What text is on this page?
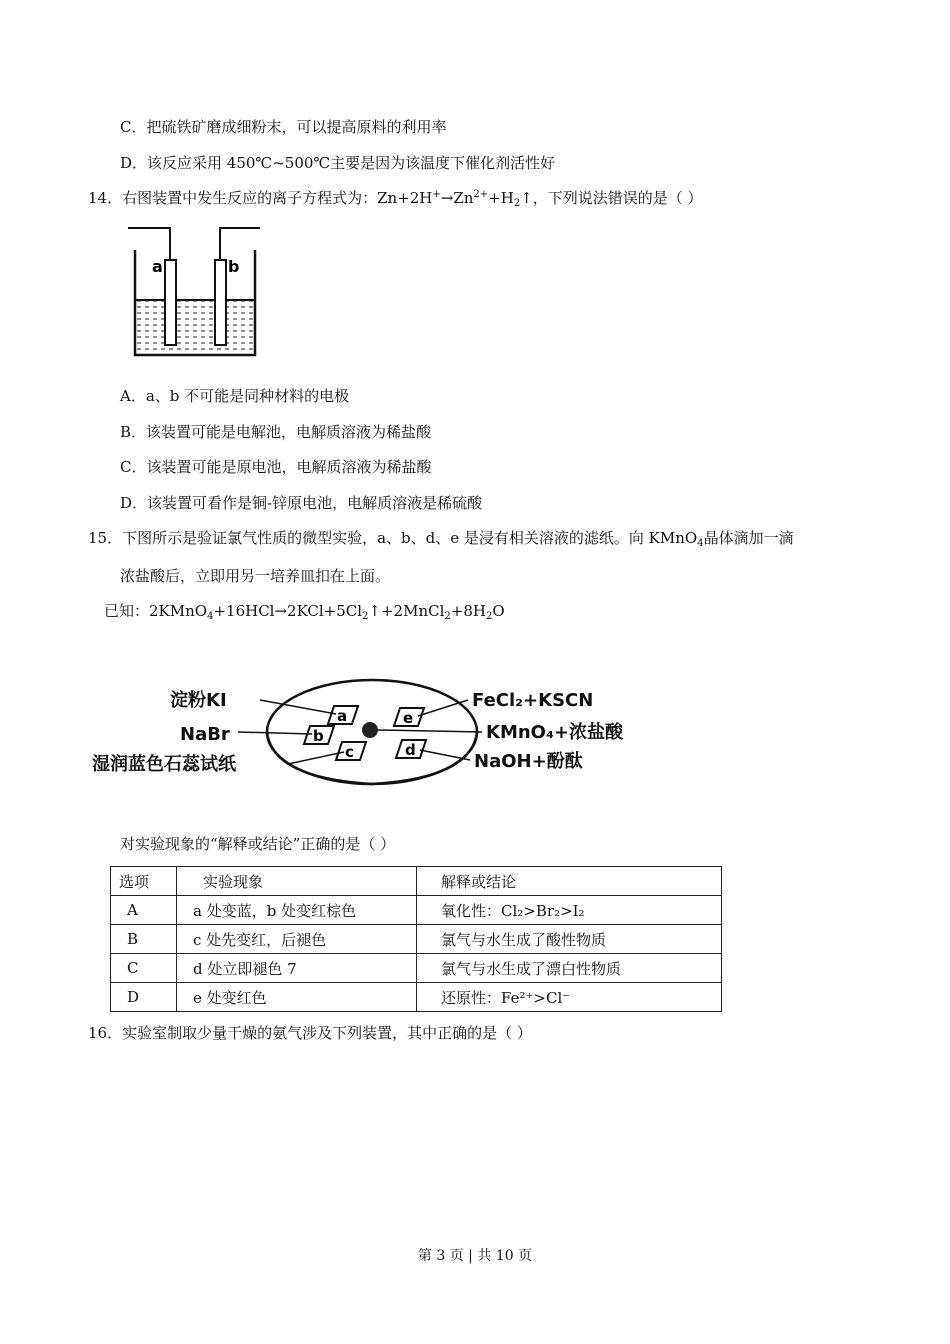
C．把硫铁矿磨成细粉末，可以提高原料的利用率
D．该反应采用 450℃~500℃主要是因为该温度下催化剂活性好
14．右图装置中发生反应的离子方程式为：$Zn+2H^+\to Zn^{2+}+H_2↑$，下列说法错误的是（ ）
a	b
A．a、b 不可能是同种材料的电极
B．该装置可能是电解池，电解质溶液为稀盐酸
C．该装置可能是原电池，电解质溶液为稀盐酸
D．该装置可看作是铜-锌原电池，电解质溶液是稀硫酸
15．下图所示是验证氯气性质的微型实验，a、b、d、e 是浸有相关溶液的滤纸。向 KMnO$_4$晶体滴加一滴
浓盐酸后，立即用另一培养皿扣在上面。
已知：$2KMnO_4+16HCl\to 2KCl+5Cl_2↑+2MnCl_2+8H_2O$
a
b
c
e
d
淀粉KI
NaBr
湿润蓝色石蕊试纸
FeCl₂+KSCN
KMnO₄+浓盐酸
NaOH+酚酞
对实验现象的“解释或结论”正确的是（ ）
选项	实验现象	解释或结论
A	a 处变蓝，b 处变红棕色	氧化性：Cl₂>Br₂>I₂
B	c 处先变红，后褪色	氯气与水生成了酸性物质
C	d 处立即褪色 7	氯气与水生成了漂白性物质
D	e 处变红色	还原性：Fe²⁺>Cl⁻
16．实验室制取少量干燥的氨气涉及下列装置，其中正确的是（ ）
第 3 页 | 共 10 页
